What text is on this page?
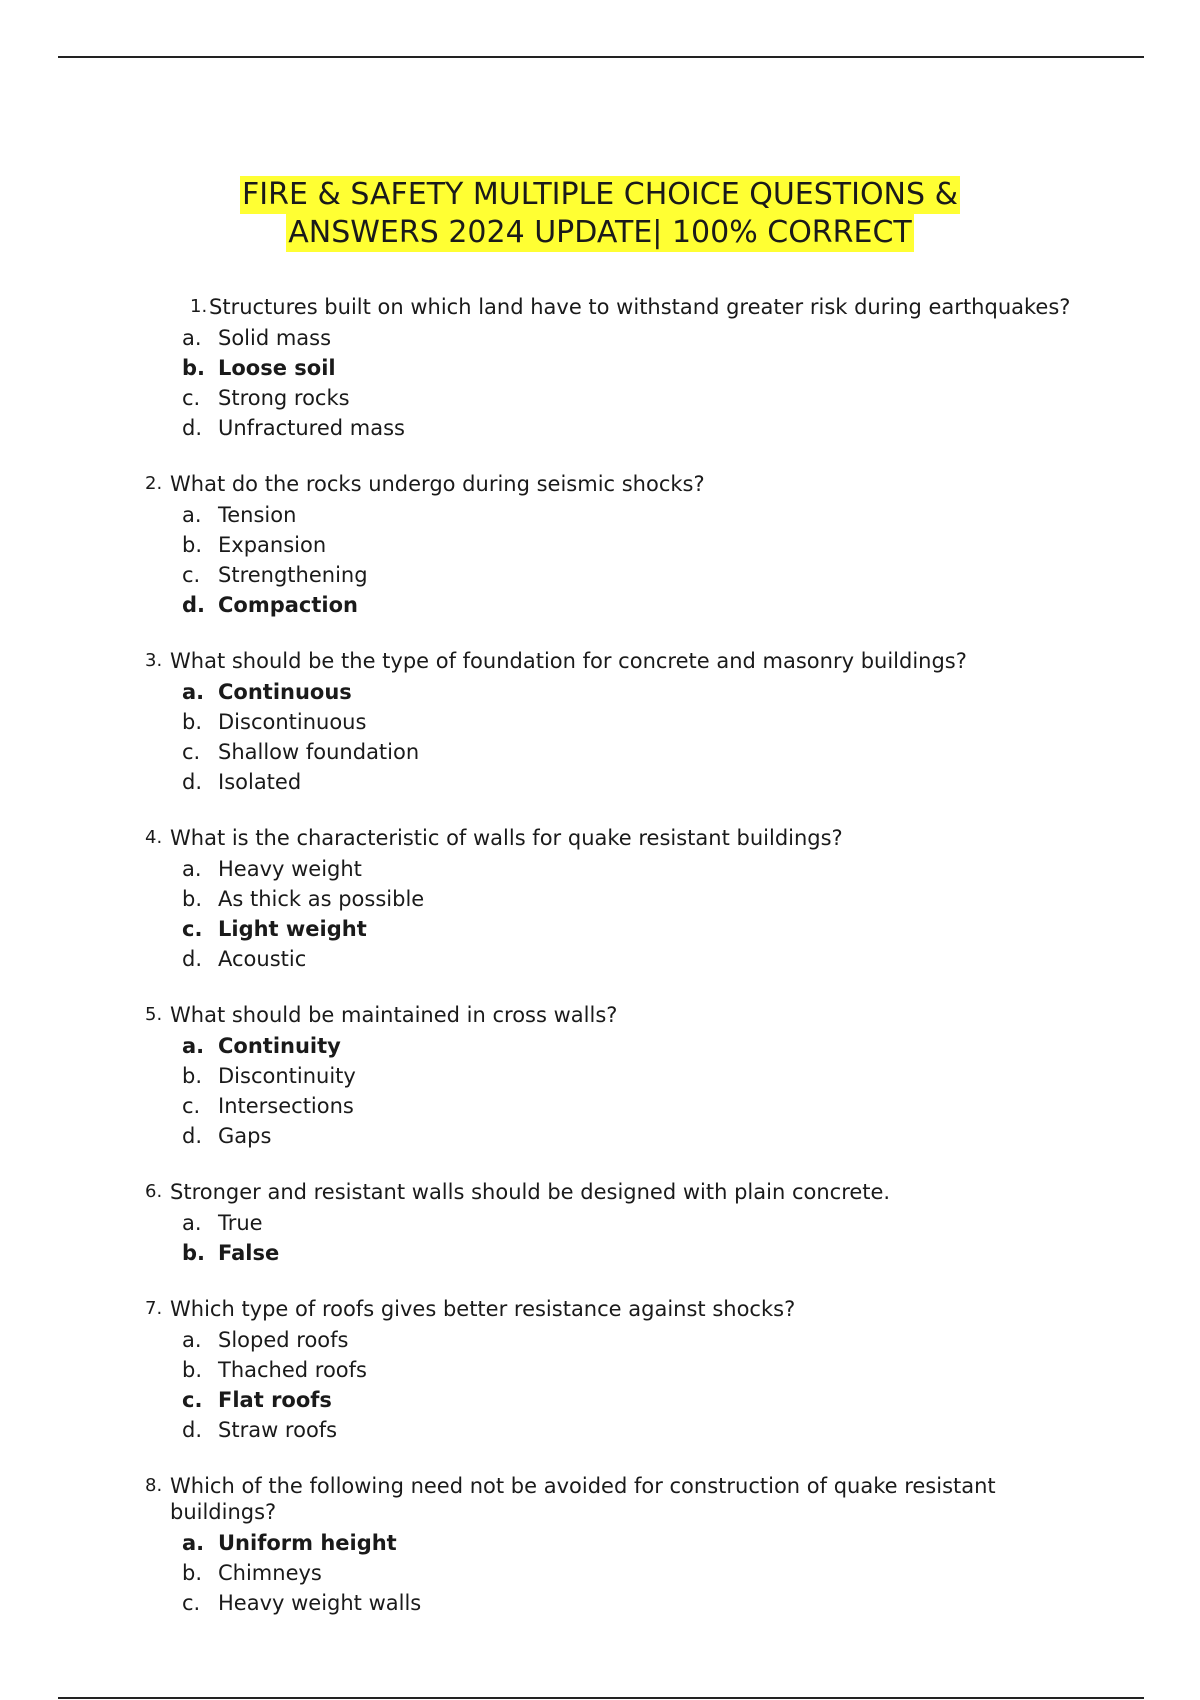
FIRE & SAFETY MULTIPLE CHOICE QUESTIONS &
ANSWERS 2024 UPDATE| 100% CORRECT
1. Structures built on which land have to withstand greater risk during earthquakes?
a. Solid mass
b. Loose soil
c. Strong rocks
d. Unfractured mass
2. What do the rocks undergo during seismic shocks?
a. Tension
b. Expansion
c. Strengthening
d. Compaction
3. What should be the type of foundation for concrete and masonry buildings?
a. Continuous
b. Discontinuous
c. Shallow foundation
d. Isolated
4. What is the characteristic of walls for quake resistant buildings?
a. Heavy weight
b. As thick as possible
c. Light weight
d. Acoustic
5. What should be maintained in cross walls?
a. Continuity
b. Discontinuity
c. Intersections
d. Gaps
6. Stronger and resistant walls should be designed with plain concrete.
a. True
b. False
7. Which type of roofs gives better resistance against shocks?
a. Sloped roofs
b. Thached roofs
c. Flat roofs
d. Straw roofs
8. Which of the following need not be avoided for construction of quake resistant buildings?
a. Uniform height
b. Chimneys
c. Heavy weight walls
